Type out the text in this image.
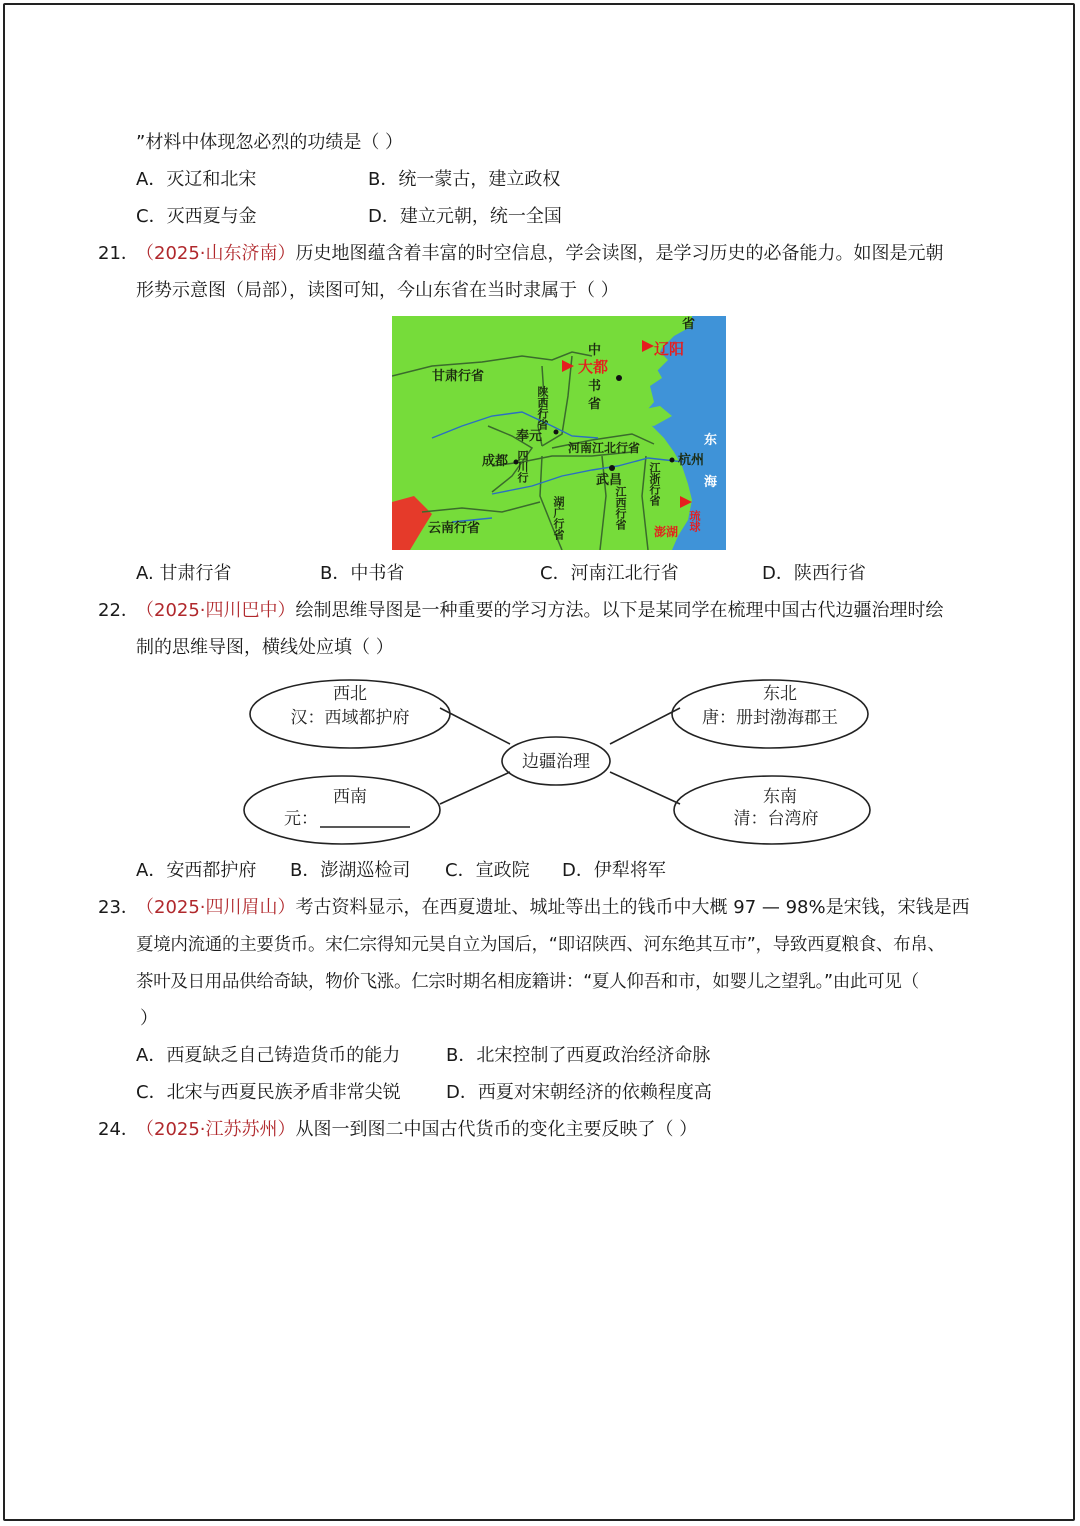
”材料中体现忽必烈的功绩是（ ）
A．灭辽和北宋	B．统一蒙古，建立政权
C．灭西夏与金	D．建立元朝，统一全国
21．
（2025·山东济南）历史地图蕴含着丰富的时空信息，学会读图，是学习历史的必备能力。如图是元朝
形势示意图（局部），读图可知，今山东省在当时隶属于（ ）
甘肃行省
中
书
省
奉元
河南江北行省
成都
武昌
杭州
云南行省
省
东
海
陕西行省
四川行	江浙行省
湖广行省	江西行省
大都
辽阳
澎湖 琉球
A. 甘肃行省	B．中书省	C．河南江北行省	D．陕西行省
22．
（2025·四川巴中）绘制思维导图是一种重要的学习方法。以下是某同学在梳理中国古代边疆治理时绘
制的思维导图，横线处应填（ ）
边疆治理
西北
汉：西域都护府
东北
唐：册封渤海郡王
西南
元：
东南
清：台湾府
A．安西都护府 B．澎湖巡检司 C．宣政院 D．伊犁将军
23．
（2025·四川眉山）考古资料显示，在西夏遗址、城址等出土的钱币中大概 97 — 98%是宋钱，宋钱是西
夏境内流通的主要货币。宋仁宗得知元昊自立为国后，“即诏陕西、河东绝其互市”，导致西夏粮食、布帛、
茶叶及日用品供给奇缺，物价飞涨。仁宗时期名相庞籍讲：“夏人仰吾和市，如婴儿之望乳。”由此可见（
）
A．西夏缺乏自己铸造货币的能力	B．北宋控制了西夏政治经济命脉
C．北宋与西夏民族矛盾非常尖锐	D．西夏对宋朝经济的依赖程度高
24．
（2025·江苏苏州）从图一到图二中国古代货币的变化主要反映了（ ）
